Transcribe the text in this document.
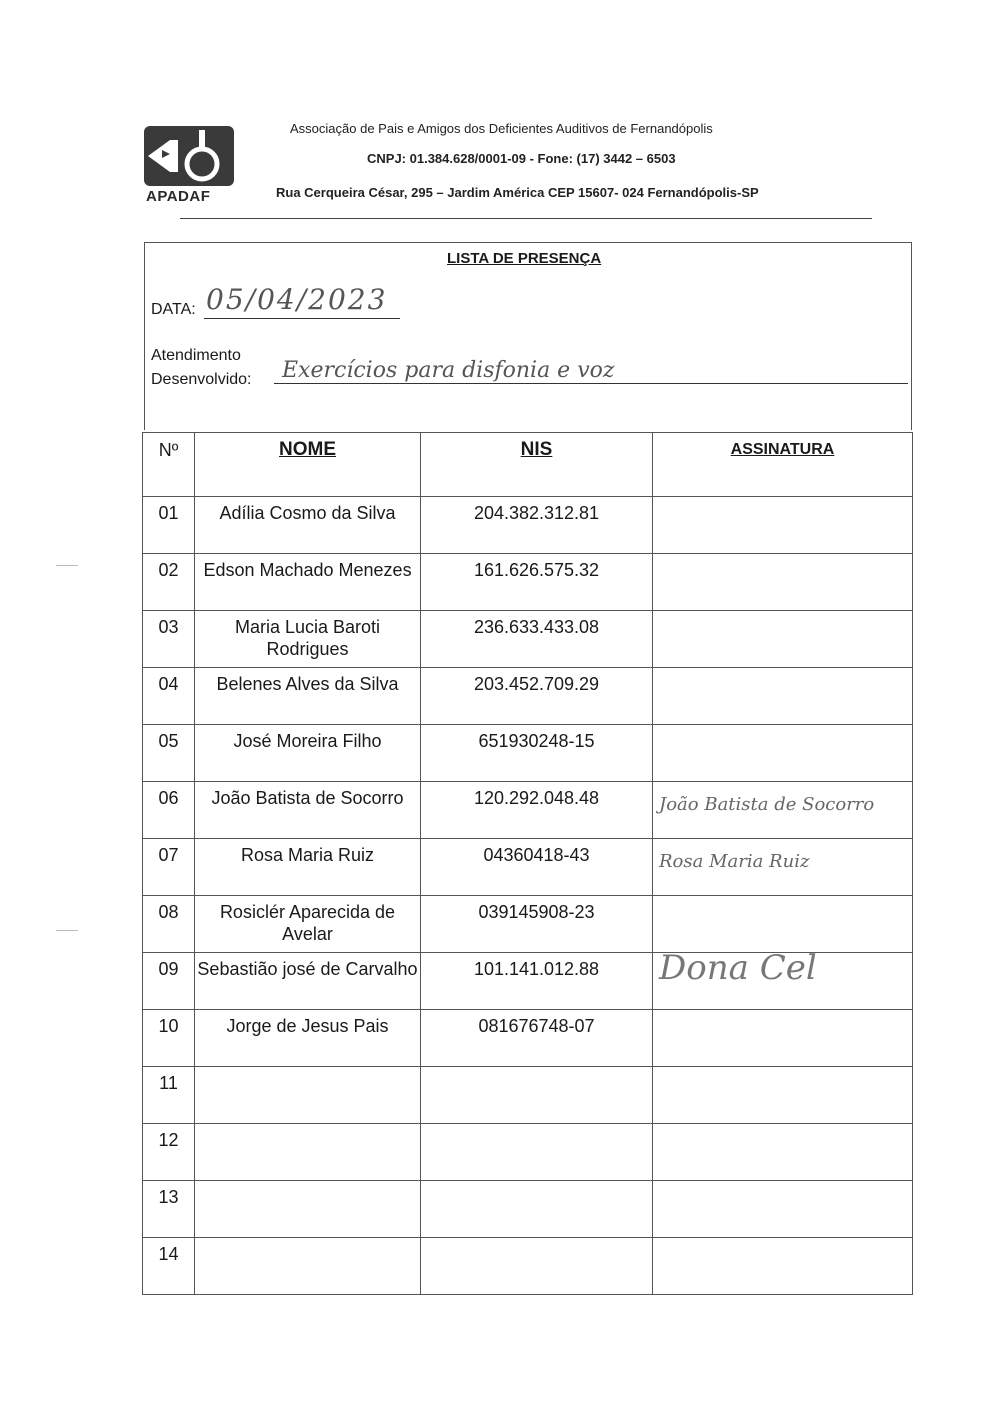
APADAF
Associação de Pais e Amigos dos Deficientes Auditivos de Fernandópolis
CNPJ: 01.384.628/0001-09 - Fone: (17) 3442 – 6503
Rua Cerqueira César, 295 – Jardim América CEP 15607- 024 Fernandópolis-SP
LISTA DE PRESENÇA
DATA: 05/04/2023
Atendimento
Desenvolvido: Exercícios para disfonia e voz
Nº	NOME	NIS	ASSINATURA
01	Adília Cosmo da Silva	204.382.312.81	

02	Edson Machado Menezes	161.626.575.32	

03	Maria Lucia Baroti Rodrigues	236.633.433.08	

04	Belenes Alves da Silva	203.452.709.29	

05	José Moreira Filho	651930248-15	

06	João Batista de Socorro	120.292.048.48	João Batista de Socorro

07	Rosa Maria Ruiz	04360418-43	Rosa Maria Ruiz

08	Rosiclér Aparecida de Avelar	039145908-23	

09	Sebastião josé de Carvalho	101.141.012.88	Dona Cel

10	Jorge de Jesus Pais	081676748-07	

11			

12			

13			

14			
